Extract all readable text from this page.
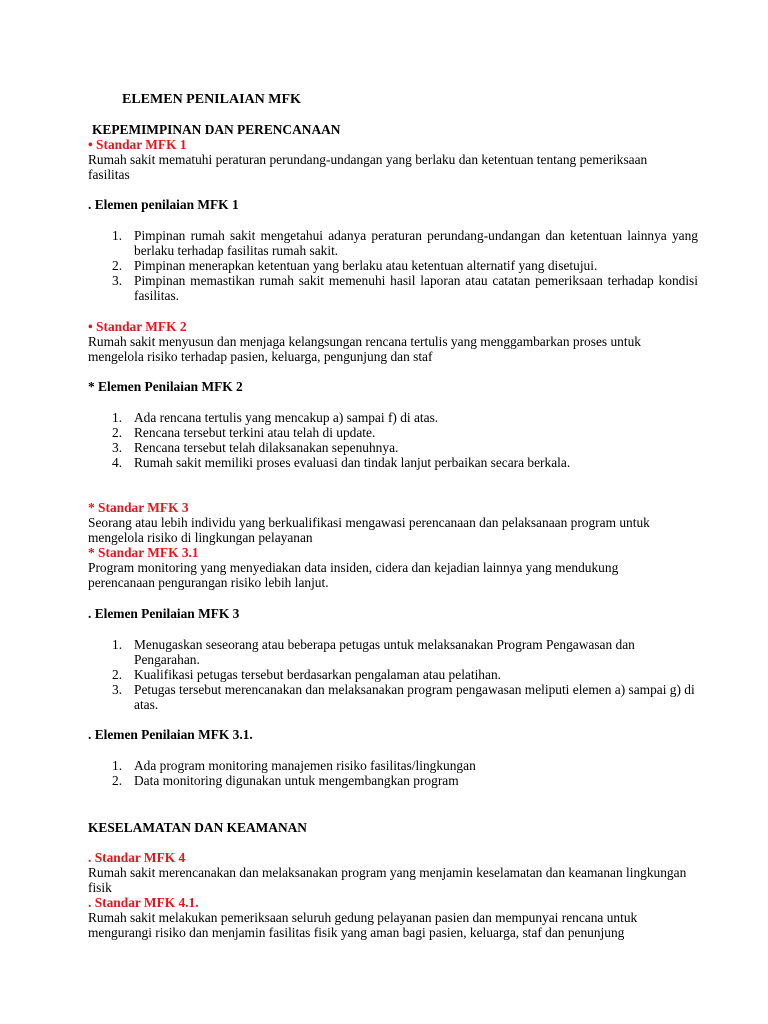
ELEMEN PENILAIAN MFK
KEPEMIMPINAN DAN PERENCANAAN
• Standar MFK 1

Rumah sakit mematuhi peraturan perundang-undangan yang berlaku dan ketentuan tentang pemeriksaan fasilitas

. Elemen penilaian MFK 1
1. Pimpinan rumah sakit mengetahui adanya peraturan perundang-undangan dan ketentuan lainnya yang berlaku terhadap fasilitas rumah sakit.
2. Pimpinan menerapkan ketentuan yang berlaku atau ketentuan alternatif yang disetujui.
3. Pimpinan memastikan rumah sakit memenuhi hasil laporan atau catatan pemeriksaan terhadap kondisi fasilitas.
• Standar MFK 2

Rumah sakit menyusun dan menjaga kelangsungan rencana tertulis yang menggambarkan proses untuk mengelola risiko terhadap pasien, keluarga, pengunjung dan staf

* Elemen Penilaian MFK 2
1. Ada rencana tertulis yang mencakup a) sampai f) di atas.
2. Rencana tersebut terkini atau telah di update.
3. Rencana tersebut telah dilaksanakan sepenuhnya.
4. Rumah sakit memiliki proses evaluasi dan tindak lanjut perbaikan secara berkala.
* Standar MFK 3

Seorang atau lebih individu yang berkualifikasi mengawasi perencanaan dan pelaksanaan program untuk mengelola risiko di lingkungan pelayanan

* Standar MFK 3.1

Program monitoring yang menyediakan data insiden, cidera dan kejadian lainnya yang mendukung perencanaan pengurangan risiko lebih lanjut.

. Elemen Penilaian MFK 3
1. Menugaskan seseorang atau beberapa petugas untuk melaksanakan Program Pengawasan dan Pengarahan.
2. Kualifikasi petugas tersebut berdasarkan pengalaman atau pelatihan.
3. Petugas tersebut merencanakan dan melaksanakan program pengawasan meliputi elemen a) sampai g) di atas.
. Elemen Penilaian MFK 3.1.
1. Ada program monitoring manajemen risiko fasilitas/lingkungan
2. Data monitoring digunakan untuk mengembangkan program
KESELAMATAN DAN KEAMANAN
. Standar MFK 4

Rumah sakit merencanakan dan melaksanakan program yang menjamin keselamatan dan keamanan lingkungan fisik

. Standar MFK 4.1.

Rumah sakit melakukan pemeriksaan seluruh gedung pelayanan pasien dan mempunyai rencana untuk mengurangi risiko dan menjamin fasilitas fisik yang aman bagi pasien, keluarga, staf dan penunjung
